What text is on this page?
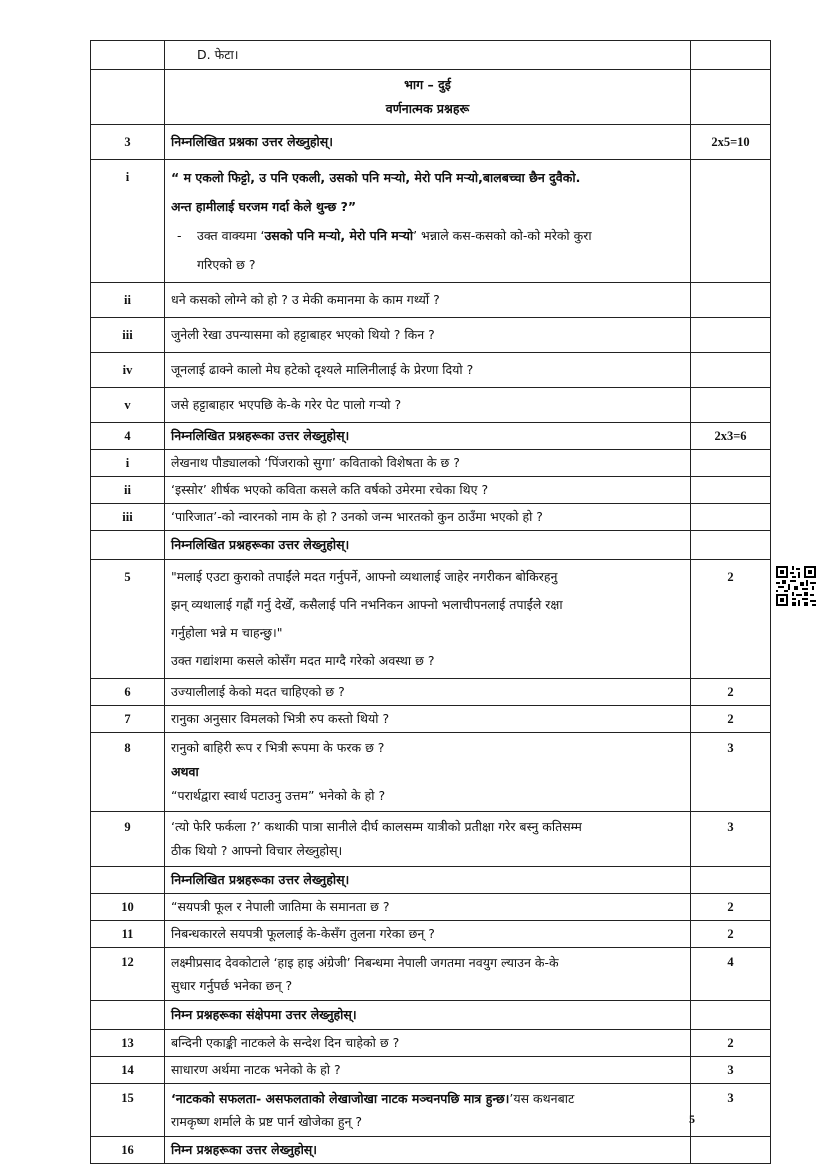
	D. फेटा।	

	भाग – दुई
वर्णनात्मक प्रश्नहरू	

3	निम्नलिखित प्रश्नका उत्तर लेख्नुहोस्।	2x5=10
i	“ म एकलो फिट्टो, उ पनि एकली, उसको पनि मऱ्यो, मेरो पनि मऱ्यो,बालबच्चा छैन दुवैको.
अन्त हामीलाई घरजम गर्दा केले थुन्छ ?”
- उक्त वाक्यमा ‘उसको पनि मऱ्यो, मेरो पनि मऱ्यो’ भन्नाले कस-कसको को-को मरेको कुरा
गरिएको छ ?	

ii	धने कसको लोग्ने को हो ? उ मेकी कमानमा के काम गर्थ्यो ?	
iii	जुनेली रेखा उपन्यासमा को हट्टाबाहर भएको थियो ? किन ?	
iv	जूनलाई ढाक्ने कालो मेघ हटेको दृश्यले मालिनीलाई के प्रेरणा दियो ?	
v	जसे हट्टाबाहार भएपछि के-के गरेर पेट पालो गऱ्यो ?	
4	निम्नलिखित प्रश्नहरूका उत्तर लेख्नुहोस्।	2x3=6
i	लेखनाथ पौड्यालको ‘पिंजराको सुगा’ कविताको विशेषता के छ ?	
ii	‘इस्सोर’ शीर्षक भएको कविता कसले कति वर्षको उमेरमा रचेका थिए ?	
iii	‘पारिजात’-को न्वारनको नाम के हो ? उनको जन्म भारतको कुन ठाउँमा भएको हो ?	
	निम्नलिखित प्रश्नहरूका उत्तर लेख्नुहोस्।	
5	"मलाई एउटा कुराको तपाईंले मदत गर्नुपर्ने, आफ्नो व्यथालाई जाहेर नगरीकन बोकिरहनु
झन् व्यथालाई गह्रौं गर्नु देखेँ, कसैलाई पनि नभनिकन आफ्नो भलाचीपनलाई तपाईंले रक्षा
गर्नुहोला भन्ने म चाहन्छु।"
उक्त गद्यांशमा कसले कोसँग मदत माग्दै गरेको अवस्था छ ?	2
6	उज्यालीलाई केको मदत चाहिएको छ ?	2
7	रानुका अनुसार विमलको भित्री रुप कस्तो थियो ?	2
8	रानुको बाहिरी रूप र भित्री रूपमा के फरक छ ?
अथवा
“परार्थद्वारा स्वार्थ पटाउनु उत्तम” भनेको के हो ?	3
9	‘त्यो फेरि फर्कला ?’ कथाकी पात्रा सानीले दीर्घ कालसम्म यात्रीको प्रतीक्षा गरेर बस्नु कतिसम्म
ठीक थियो ? आफ्नो विचार लेख्नुहोस्।	3
	निम्नलिखित प्रश्नहरूका उत्तर लेख्नुहोस्।	
10	“सयपत्री फूल र नेपाली जातिमा के समानता छ ?	2
11	निबन्धकारले सयपत्री फूललाई के-केसँग तुलना गरेका छन् ?	2
12	लक्ष्मीप्रसाद देवकोटाले ‘हाइ हाइ अंग्रेजी’ निबन्धमा नेपाली जगतमा नवयुग ल्याउन के-के
सुधार गर्नुपर्छ भनेका छन् ?	4
	निम्न प्रश्नहरूका संक्षेपमा उत्तर लेख्नुहोस्।	
13	बन्दिनी एकाङ्की नाटकले के सन्देश दिन चाहेको छ ?	2
14	साधारण अर्थमा नाटक भनेको के हो ?	3
15	‘नाटकको सफलता- असफलताको लेखाजोखा नाटक मञ्चनपछि मात्र हुन्छ।’यस कथनबाट
रामकृष्ण शर्माले के प्रष्ट पार्न खोजेका हुन् ?	3
16	निम्न प्रश्नहरूका उत्तर लेख्नुहोस्।	
5
